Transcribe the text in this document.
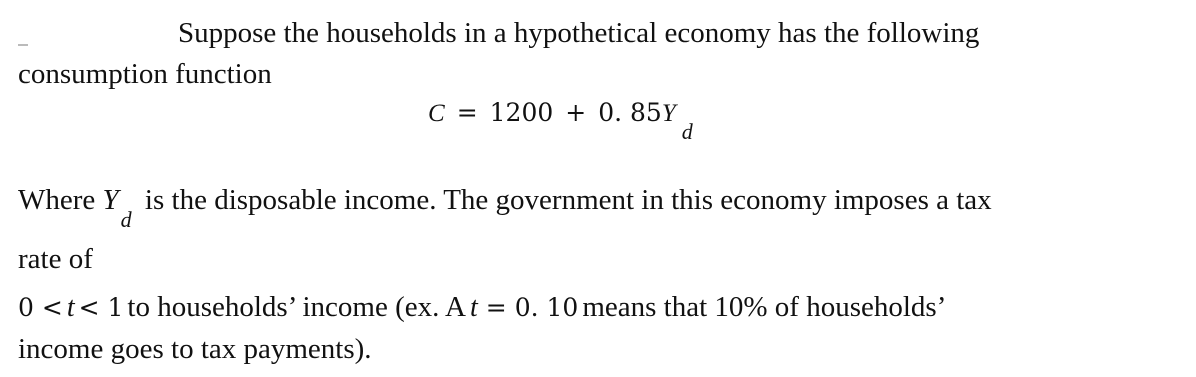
Suppose the households in a hypothetical economy has the following
consumption function
C = 1200 + 0. 85Yd
Where $Y_d$ is the disposable income. The government in this economy imposes a tax
rate of
0 < t < 1 to households’ income (ex. A t = 0. 10 means that 10% of households’
income goes to tax payments).
